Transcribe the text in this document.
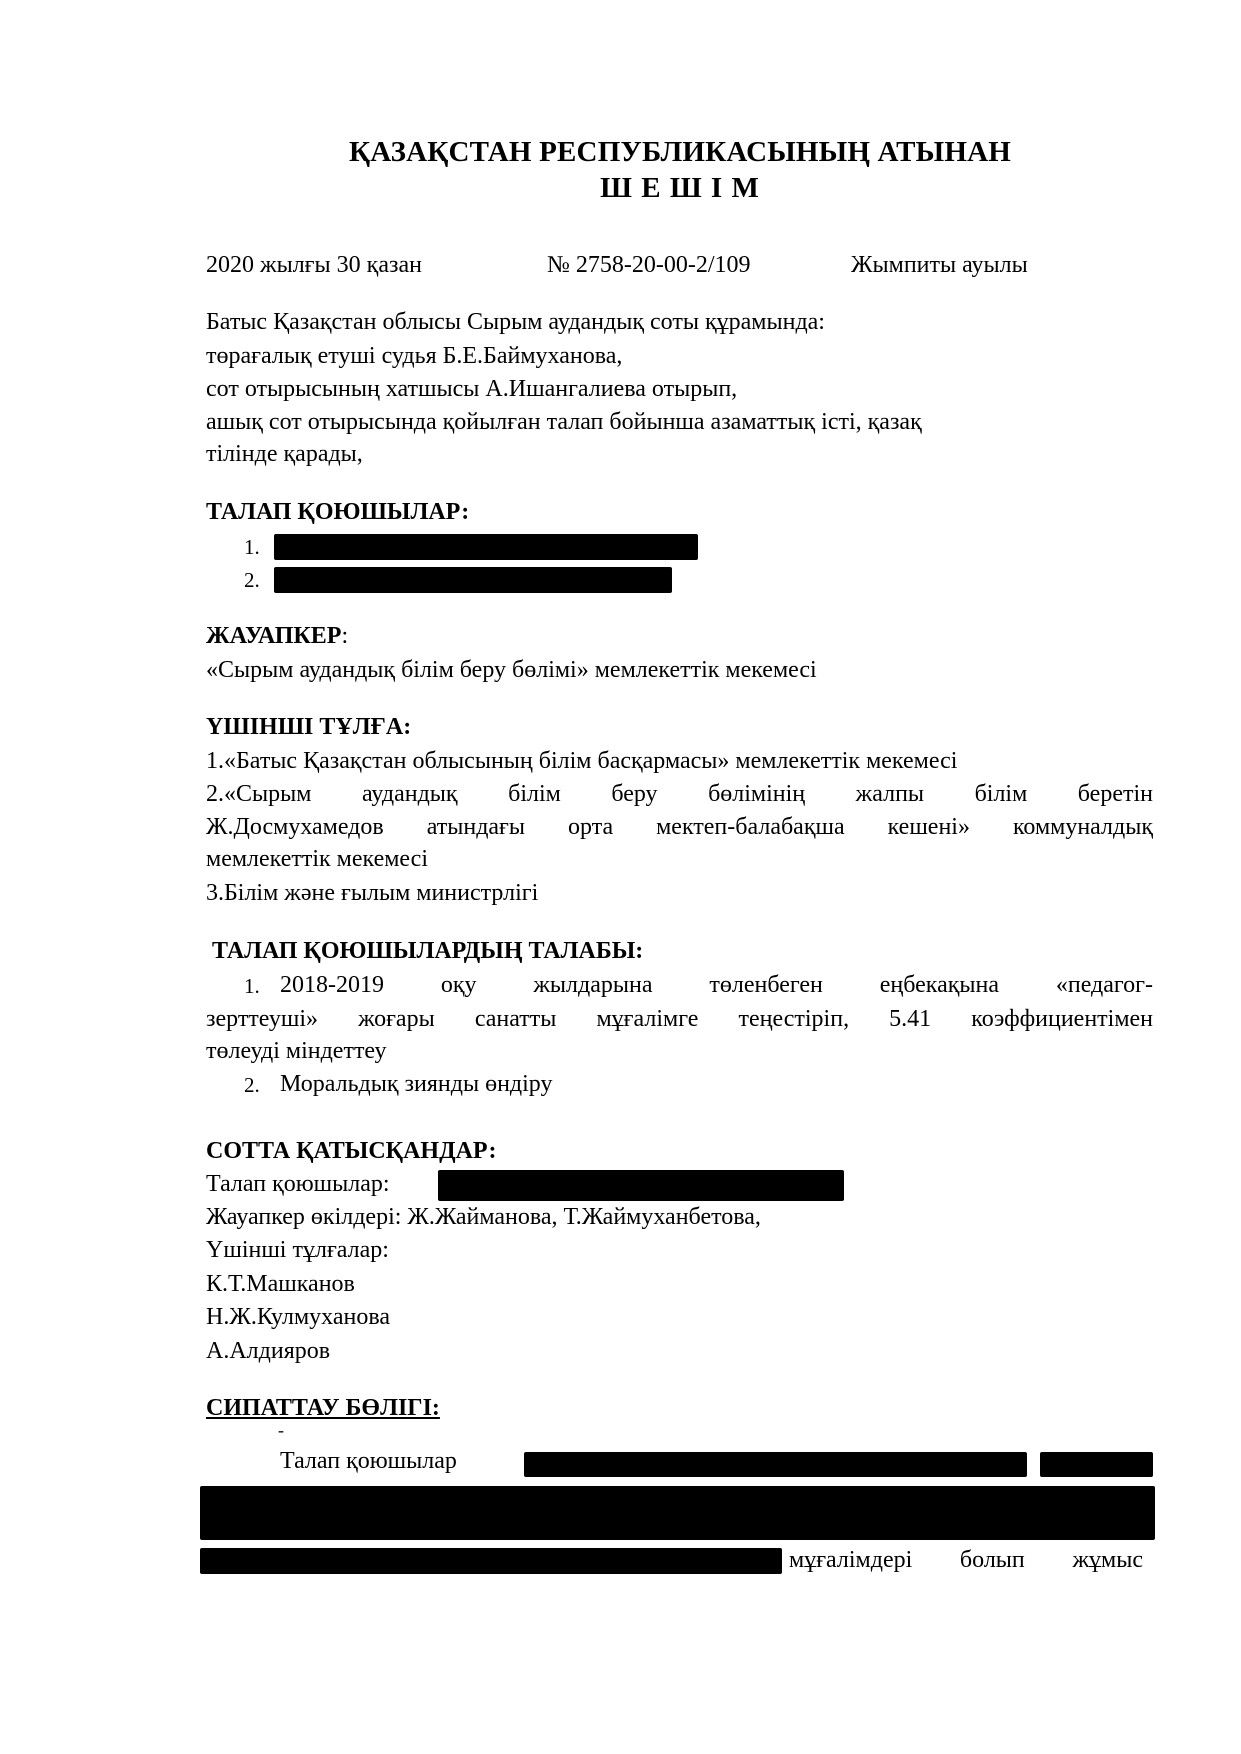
ҚАЗАҚСТАН РЕСПУБЛИКАСЫНЫҢ АТЫНАН
Ш Е Ш І М
2020 жылғы 30 қазан	№ 2758-20-00-2/109	Жымпиты ауылы
Батыс Қазақстан облысы Сырым аудандық соты құрамында:
төрағалық етуші судья Б.Е.Баймуханова,
сот отырысының хатшысы А.Ишангалиева отырып,
ашық сот отырысында қойылған талап бойынша азаматтық істі, қазақ
тілінде қарады,
ТАЛАП ҚОЮШЫЛАР:
1.
2.
ЖАУАПКЕР:
«Сырым аудандық білім беру бөлімі» мемлекеттік мекемесі
ҮШІНШІ ТҰЛҒА:
1.«Батыс Қазақстан облысының білім басқармасы» мемлекеттік мекемесі
2.«Сырым аудандық білім беру бөлімінің жалпы білім беретін
Ж.Досмухамедов атындағы орта мектеп-балабақша кешені» коммуналдық
мемлекеттік мекемесі
3.Білім және ғылым министрлігі
ТАЛАП ҚОЮШЫЛАРДЫҢ ТАЛАБЫ:
1. 2018-2019 оқу жылдарына төленбеген еңбекақына «педагог-
зерттеуші» жоғары санатты мұғалімге теңестіріп, 5.41 коэффициентімен
төлеуді міндеттеу
2. Моральдық зиянды өндіру
СОТТА ҚАТЫСҚАНДАР:
Талап қоюшылар:
Жауапкер өкілдері: Ж.Жайманова, Т.Жаймуханбетова,
Үшінші тұлғалар:
К.Т.Машканов
Н.Ж.Кулмуханова
А.Алдияров
СИПАТТАУ БӨЛІГІ:
-
Талап қоюшылар
мұғалімдері болып жұмыс
